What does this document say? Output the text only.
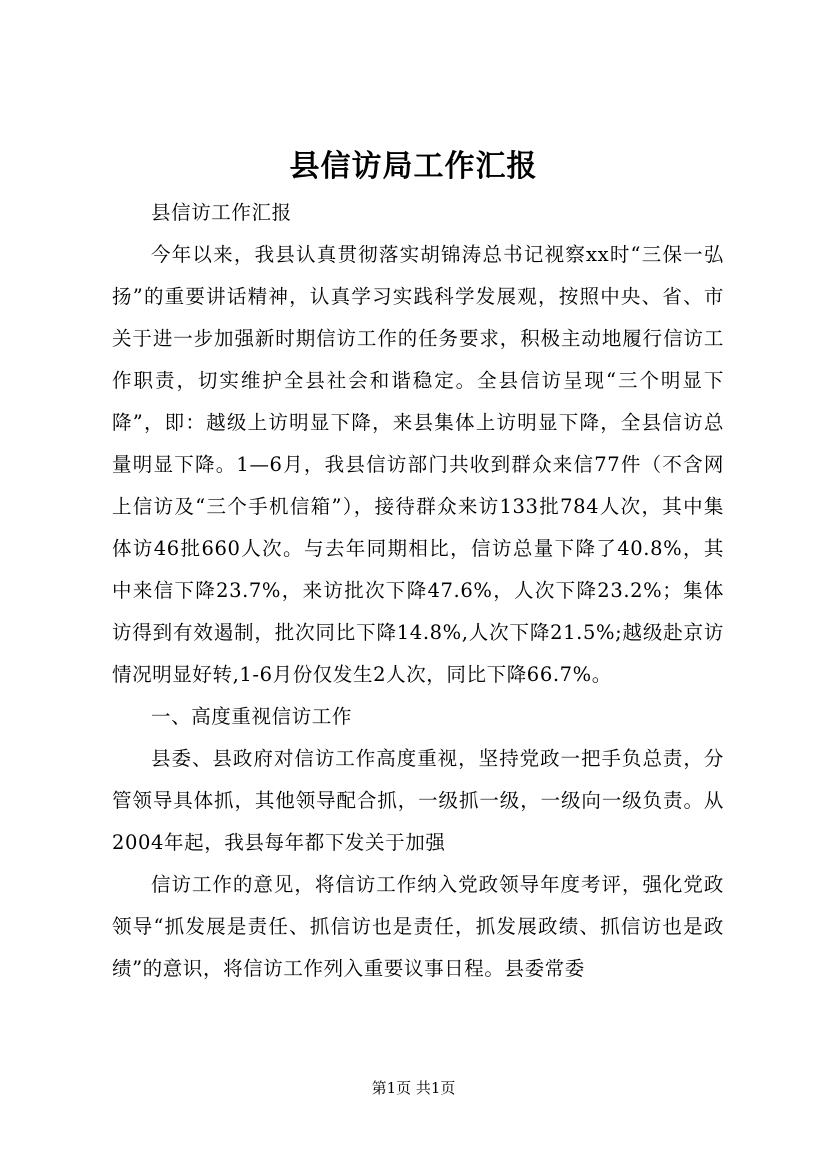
县信访局工作汇报

县信访工作汇报

今年以来，我县认真贯彻落实胡锦涛总书记视察xx时“三保一弘扬”的重要讲话精神，认真学习实践科学发展观，按照中央、省、市关于进一步加强新时期信访工作的任务要求，积极主动地履行信访工作职责，切实维护全县社会和谐稳定。全县信访呈现“三个明显下降”，即：越级上访明显下降，来县集体上访明显下降，全县信访总量明显下降。1—6月，我县信访部门共收到群众来信77件（不含网上信访及“三个手机信箱”），接待群众来访133批784人次，其中集体访46批660人次。与去年同期相比，信访总量下降了40.8%，其中来信下降23.7%，来访批次下降47.6%，人次下降23.2%；集体访得到有效遏制，批次同比下降14.8%,人次下降21.5%;越级赴京访情况明显好转,1-6月份仅发生2人次，同比下降66.7%。

一、高度重视信访工作

县委、县政府对信访工作高度重视，坚持党政一把手负总责，分管领导具体抓，其他领导配合抓，一级抓一级，一级向一级负责。从2004年起，我县每年都下发关于加强

信访工作的意见，将信访工作纳入党政领导年度考评，强化党政领导“抓发展是责任、抓信访也是责任，抓发展政绩、抓信访也是政绩”的意识，将信访工作列入重要议事日程。县委常委

第1页 共1页
